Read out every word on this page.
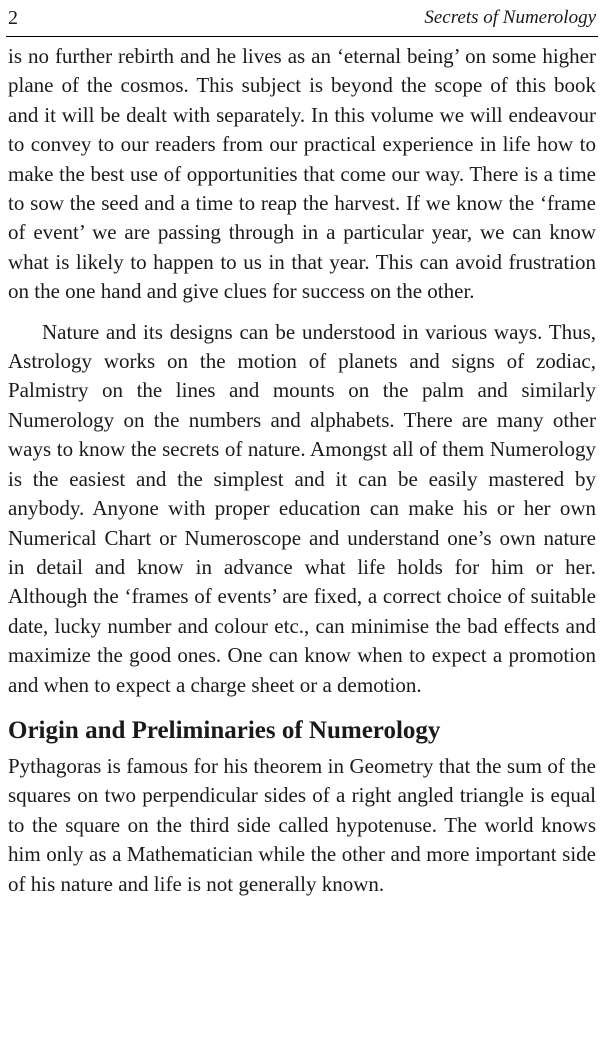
2	Secrets of Numerology

is no further rebirth and he lives as an ‘eternal being’ on some higher plane of the cosmos. This subject is beyond the scope of this book and it will be dealt with separately. In this volume we will endeavour to convey to our readers from our practical experience in life how to make the best use of opportunities that come our way. There is a time to sow the seed and a time to reap the harvest. If we know the ‘frame of event’ we are passing through in a particular year, we can know what is likely to happen to us in that year. This can avoid frustration on the one hand and give clues for success on the other.

Nature and its designs can be understood in various ways. Thus, Astrology works on the motion of planets and signs of zodiac, Palmistry on the lines and mounts on the palm and similarly Numerology on the numbers and alphabets. There are many other ways to know the secrets of nature. Amongst all of them Numerology is the easiest and the simplest and it can be easily mastered by anybody. Anyone with proper education can make his or her own Numerical Chart or Numeroscope and understand one’s own nature in detail and know in advance what life holds for him or her. Although the ‘frames of events’ are fixed, a correct choice of suitable date, lucky number and colour etc., can minimise the bad effects and maximize the good ones. One can know when to expect a promotion and when to expect a charge sheet or a demotion.

Origin and Preliminaries of Numerology

Pythagoras is famous for his theorem in Geometry that the sum of the squares on two perpendicular sides of a right angled triangle is equal to the square on the third side called hypotenuse. The world knows him only as a Mathematician while the other and more important side of his nature and life is not generally known.
